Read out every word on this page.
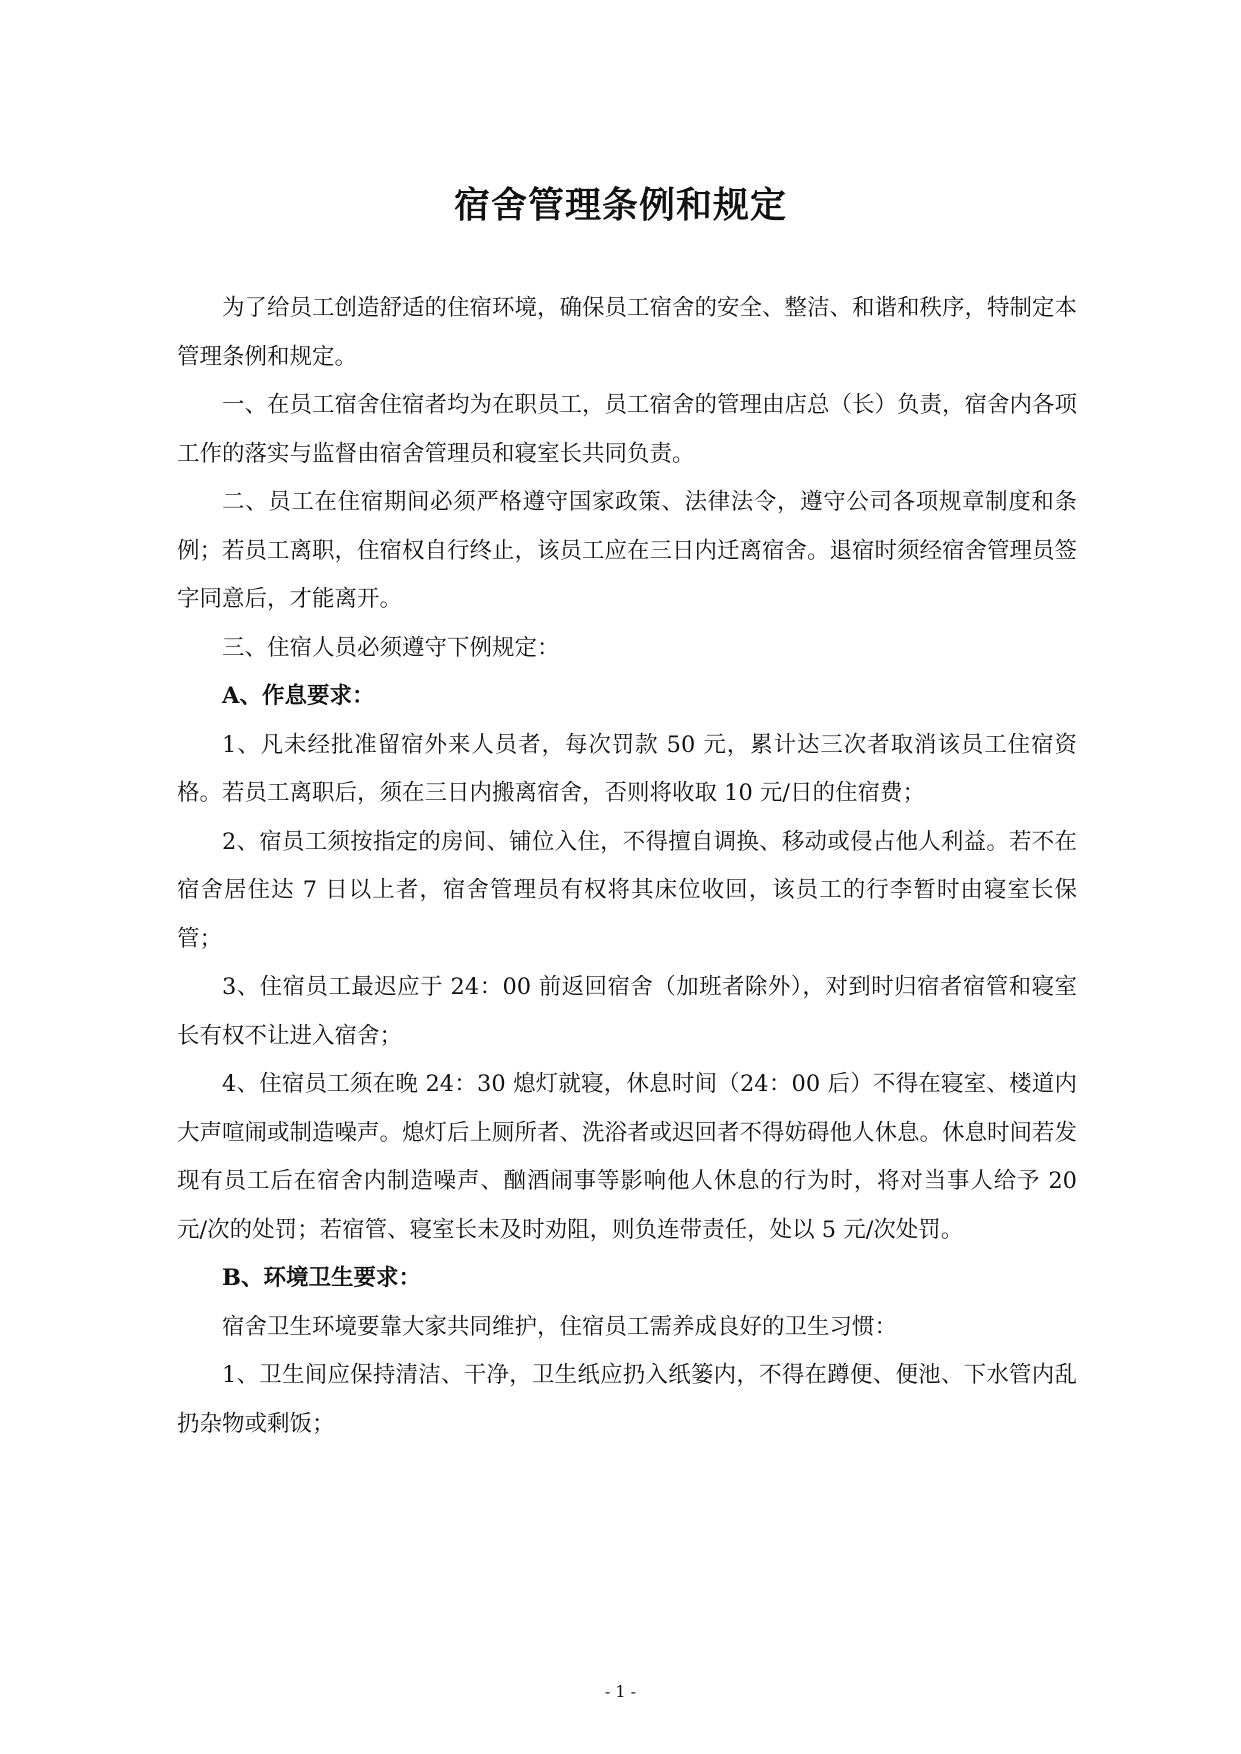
宿舍管理条例和规定

为了给员工创造舒适的住宿环境，确保员工宿舍的安全、整洁、和谐和秩序，特制定本管理条例和规定。

一、在员工宿舍住宿者均为在职员工，员工宿舍的管理由店总（长）负责，宿舍内各项工作的落实与监督由宿舍管理员和寝室长共同负责。

二、员工在住宿期间必须严格遵守国家政策、法律法令，遵守公司各项规章制度和条例；若员工离职，住宿权自行终止，该员工应在三日内迁离宿舍。退宿时须经宿舍管理员签字同意后，才能离开。

三、住宿人员必须遵守下例规定：

A、作息要求：

1、凡未经批准留宿外来人员者，每次罚款 50 元，累计达三次者取消该员工住宿资格。若员工离职后，须在三日内搬离宿舍，否则将收取 10 元/日的住宿费；

2、宿员工须按指定的房间、铺位入住，不得擅自调换、移动或侵占他人利益。若不在宿舍居住达 7 日以上者，宿舍管理员有权将其床位收回，该员工的行李暂时由寝室长保管；

3、住宿员工最迟应于 24：00 前返回宿舍（加班者除外），对到时归宿者宿管和寝室长有权不让进入宿舍；

4、住宿员工须在晚 24：30 熄灯就寝，休息时间（24：00 后）不得在寝室、楼道内大声喧闹或制造噪声。熄灯后上厕所者、洗浴者或迟回者不得妨碍他人休息。休息时间若发现有员工后在宿舍内制造噪声、酗酒闹事等影响他人休息的行为时，将对当事人给予 20 元/次的处罚；若宿管、寝室长未及时劝阻，则负连带责任，处以 5 元/次处罚。

B、环境卫生要求：

宿舍卫生环境要靠大家共同维护，住宿员工需养成良好的卫生习惯：

1、卫生间应保持清洁、干净，卫生纸应扔入纸篓内，不得在蹲便、便池、下水管内乱扔杂物或剩饭；

- 1 -
